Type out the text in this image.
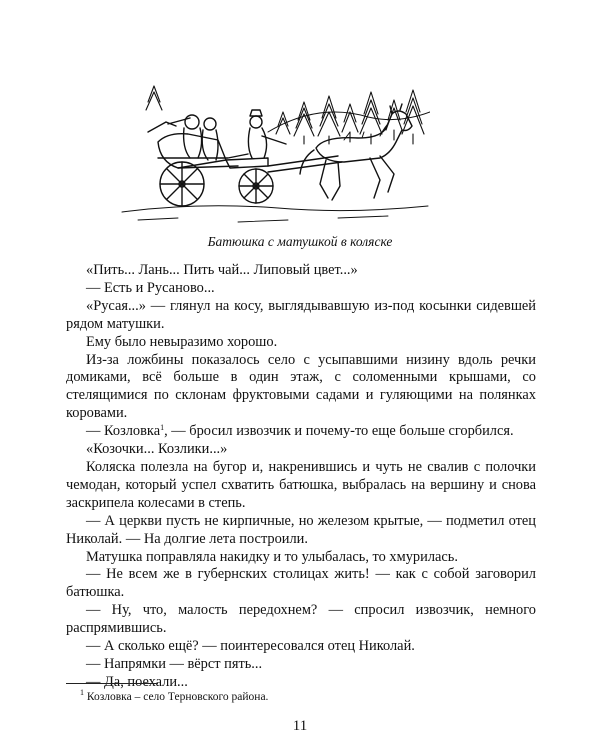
Батюшка с матушкой в коляске

«Пить... Лань... Пить чай... Липовый цвет...»

— Есть и Русаново...

«Русая...» — глянул на косу, выглядывавшую из-под косынки сидевшей рядом матушки.

Ему было невыразимо хорошо.

Из-за ложбины показалось село с усыпавшими низину вдоль речки домиками, всё больше в один этаж, с соломенными крышами, со стелящимися по склонам фруктовыми садами и гуляющими на полянках коровами.

— Козловка$^1$, — бросил извозчик и почему-то еще больше сгорбился.

«Козочки... Козлики...»

Коляска полезла на бугор и, накренившись и чуть не свалив с полочки чемодан, который успел схватить батюшка, выбралась на вершину и снова заскрипела колесами в степь.

— А церкви пусть не кирпичные, но железом крытые, — подметил отец Николай. — На долгие лета построили.

Матушка поправляла накидку и то улыбалась, то хмурилась.

— Не всем же в губернских столицах жить! — как с собой заговорил батюшка.

— Ну, что, малость передохнем? — спросил извозчик, немного распрямившись.

— А сколько ещё? — поинтересовался отец Николай.

— Напрямки — вёрст пять...

— Да, поехали...

$^1$ Козловка – село Терновского района.
11
